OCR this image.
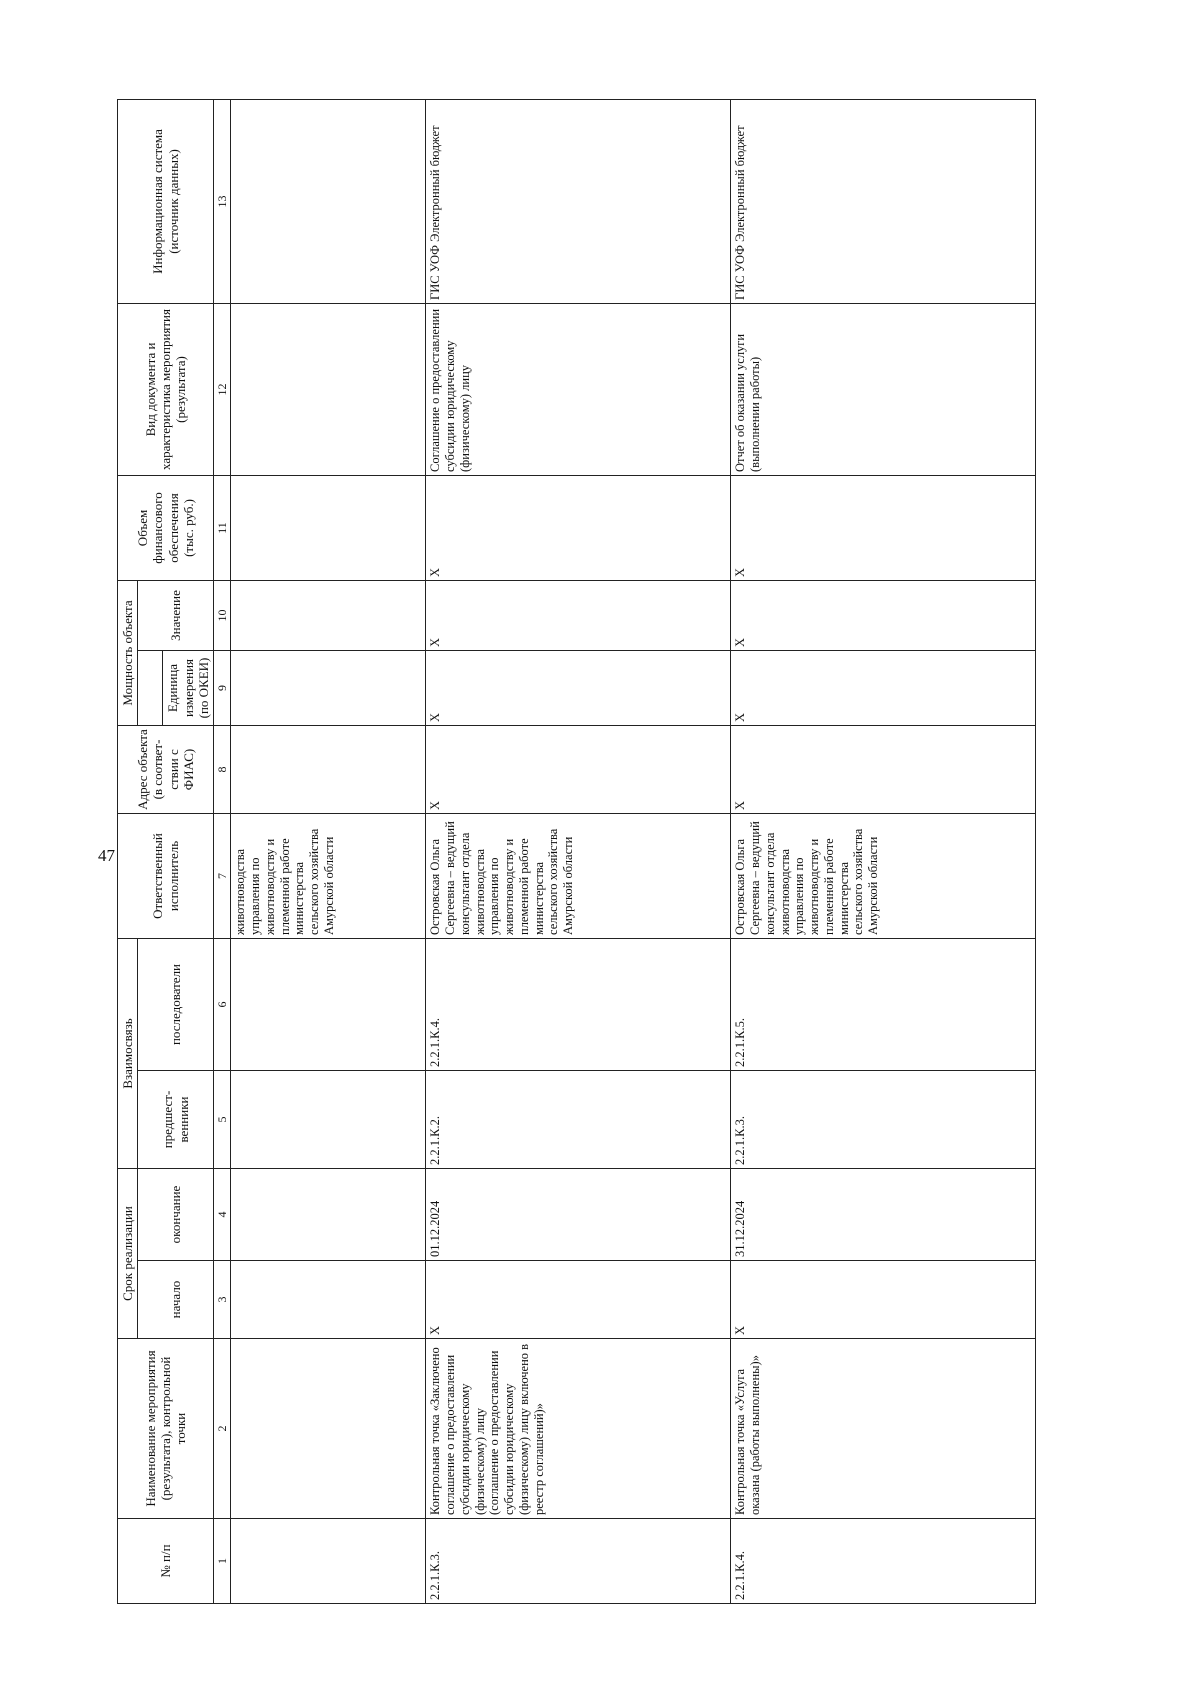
47
№ п/п	Наименование мероприятия (результата), контрольной точки	Срок реализации		Взаимосвязь		Ответственный исполнитель	Адрес объекта (в соответ-ствии с ФИАС)	Мощность объекта		Объем финансового обеспечения (тыс. руб.)	Вид документа и характеристика мероприятия (результата)	Информационная система (источник данных)
		начало	окончание	предшест-венники	последователи				Значение			
								Единица измерения (по ОКЕИ)				
1	2	3	4	5	6	7	8	9	10	11	12	13
						животноводства управления по животноводству и племенной работе министерства сельского хозяйства Амурской области						
2.2.1.К.3.	Контрольная точка «Заключено соглашение о предоставлении субсидии юридическому (физическому) лицу (соглашение о предоставлении субсидии юридическому (физическому) лицу включено в реестр соглашений)»	X	01.12.2024	2.2.1.К.2.	2.2.1.К.4.	Островская Ольга Сергеевна – ведущий консультант отдела животноводства управления по животноводству и племенной работе министерства сельского хозяйства Амурской области	X	X	X	X	Соглашение о предоставлении субсидии юридическому (физическому) лицу	ГИС УОФ Электронный бюджет
2.2.1.К.4.	Контрольная точка «Услуга оказана (работы выполнены)»	X	31.12.2024	2.2.1.К.3.	2.2.1.К.5.	Островская Ольга Сергеевна – ведущий консультант отдела животноводства управления по животноводству и племенной работе министерства сельского хозяйства Амурской области	X	X	X	X	Отчет об оказании услуги (выполнении работы)	ГИС УОФ Электронный бюджет
